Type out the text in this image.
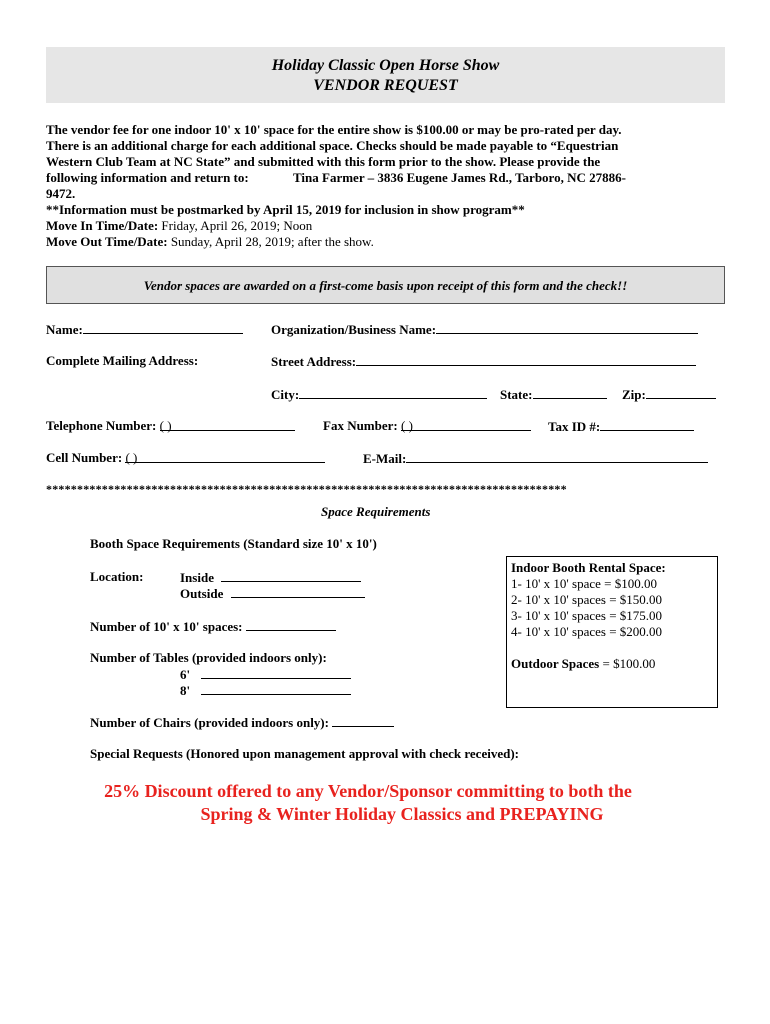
Holiday Classic Open Horse Show
VENDOR REQUEST

The vendor fee for one indoor 10' x 10' space for the entire show is $100.00 or may be pro-rated per day.

There is an additional charge for each additional space. Checks should be made payable to “Equestrian

Western Club Team at NC State” and submitted with this form prior to the show. Please provide the

following information and return to:	Tina Farmer – 3836 Eugene James Rd., Tarboro, NC 27886-

9472.

**Information must be postmarked by April 15, 2019 for inclusion in show program**

Move In Time/Date: Friday, April 26, 2019; Noon

Move Out Time/Date: Sunday, April 28, 2019; after the show.

Vendor spaces are awarded on a first-come basis upon receipt of this form and the check!!
Name:	Organization/Business Name:
Complete Mailing Address:	Street Address:
City:	State:	Zip:
Telephone Number: ( )	Fax Number: ( )	Tax ID #:
Cell Number: ( )	E-Mail:
************************************************************************************
Space Requirements
Booth Space Requirements (Standard size 10' x 10')
Location:	Inside
Outside
Number of 10' x 10' spaces:
Number of Tables (provided indoors only):
6'
8'
Number of Chairs (provided indoors only):
Special Requests (Honored upon management approval with check received):
Indoor Booth Rental Space:
1- 10' x 10' space = $100.00
2- 10' x 10' spaces = $150.00
3- 10' x 10' spaces = $175.00
4- 10' x 10' spaces = $200.00
Outdoor Spaces = $100.00
25% Discount offered to any Vendor/Sponsor committing to both the
Spring & Winter Holiday Classics and PREPAYING
